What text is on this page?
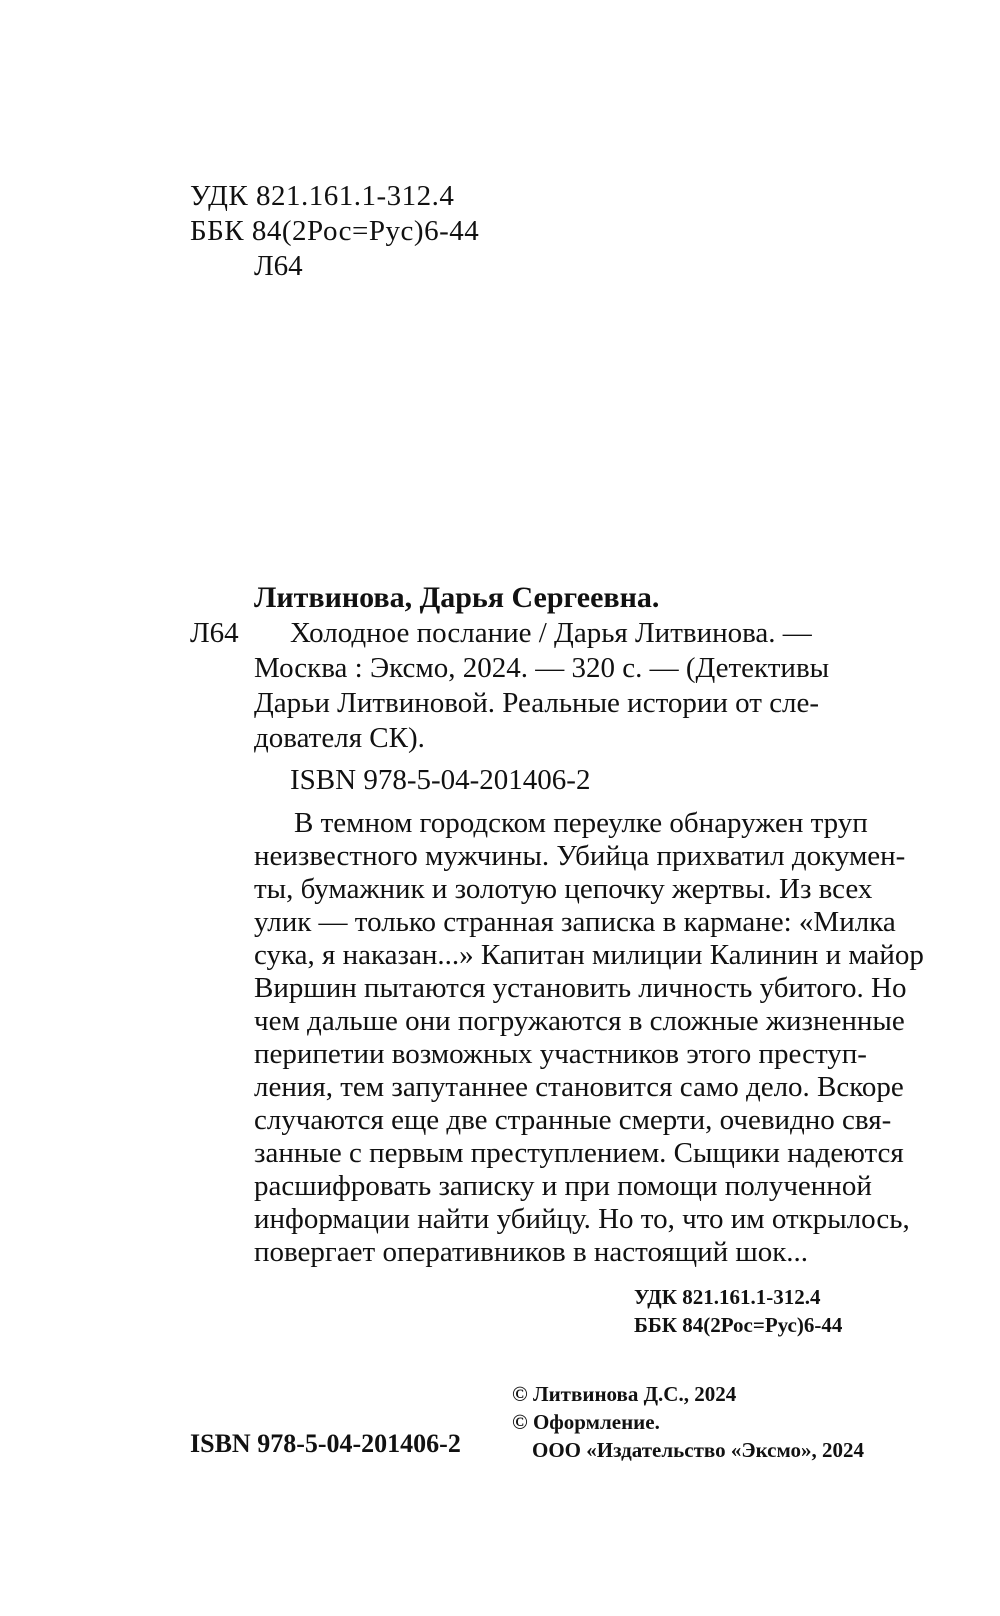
УДК 821.161.1-312.4
ББК 84(2Рос=Рус)6-44
Л64
Литвинова, Дарья Сергеевна.
Л64 Холодное послание / Дарья Литвинова. —
Москва : Эксмо, 2024. — 320 с. — (Детективы
Дарьи Литвиновой. Реальные истории от сле-
дователя СК).
ISBN 978-5-04-201406-2
В темном городском переулке обнаружен труп
неизвестного мужчины. Убийца прихватил докумен-
ты, бумажник и золотую цепочку жертвы. Из всех
улик — только странная записка в кармане: «Милка
сука, я наказан...» Капитан милиции Калинин и майор
Виршин пытаются установить личность убитого. Но
чем дальше они погружаются в сложные жизненные
перипетии возможных участников этого преступ-
ления, тем запутаннее становится само дело. Вскоре
случаются еще две странные смерти, очевидно свя-
занные с первым преступлением. Сыщики надеются
расшифровать записку и при помощи полученной
информации найти убийцу. Но то, что им открылось,
повергает оперативников в настоящий шок...
УДК 821.161.1-312.4
ББК 84(2Рос=Рус)6-44
© Литвинова Д.С., 2024
© Оформление.
ООО «Издательство «Эксмо», 2024
ISBN 978-5-04-201406-2
